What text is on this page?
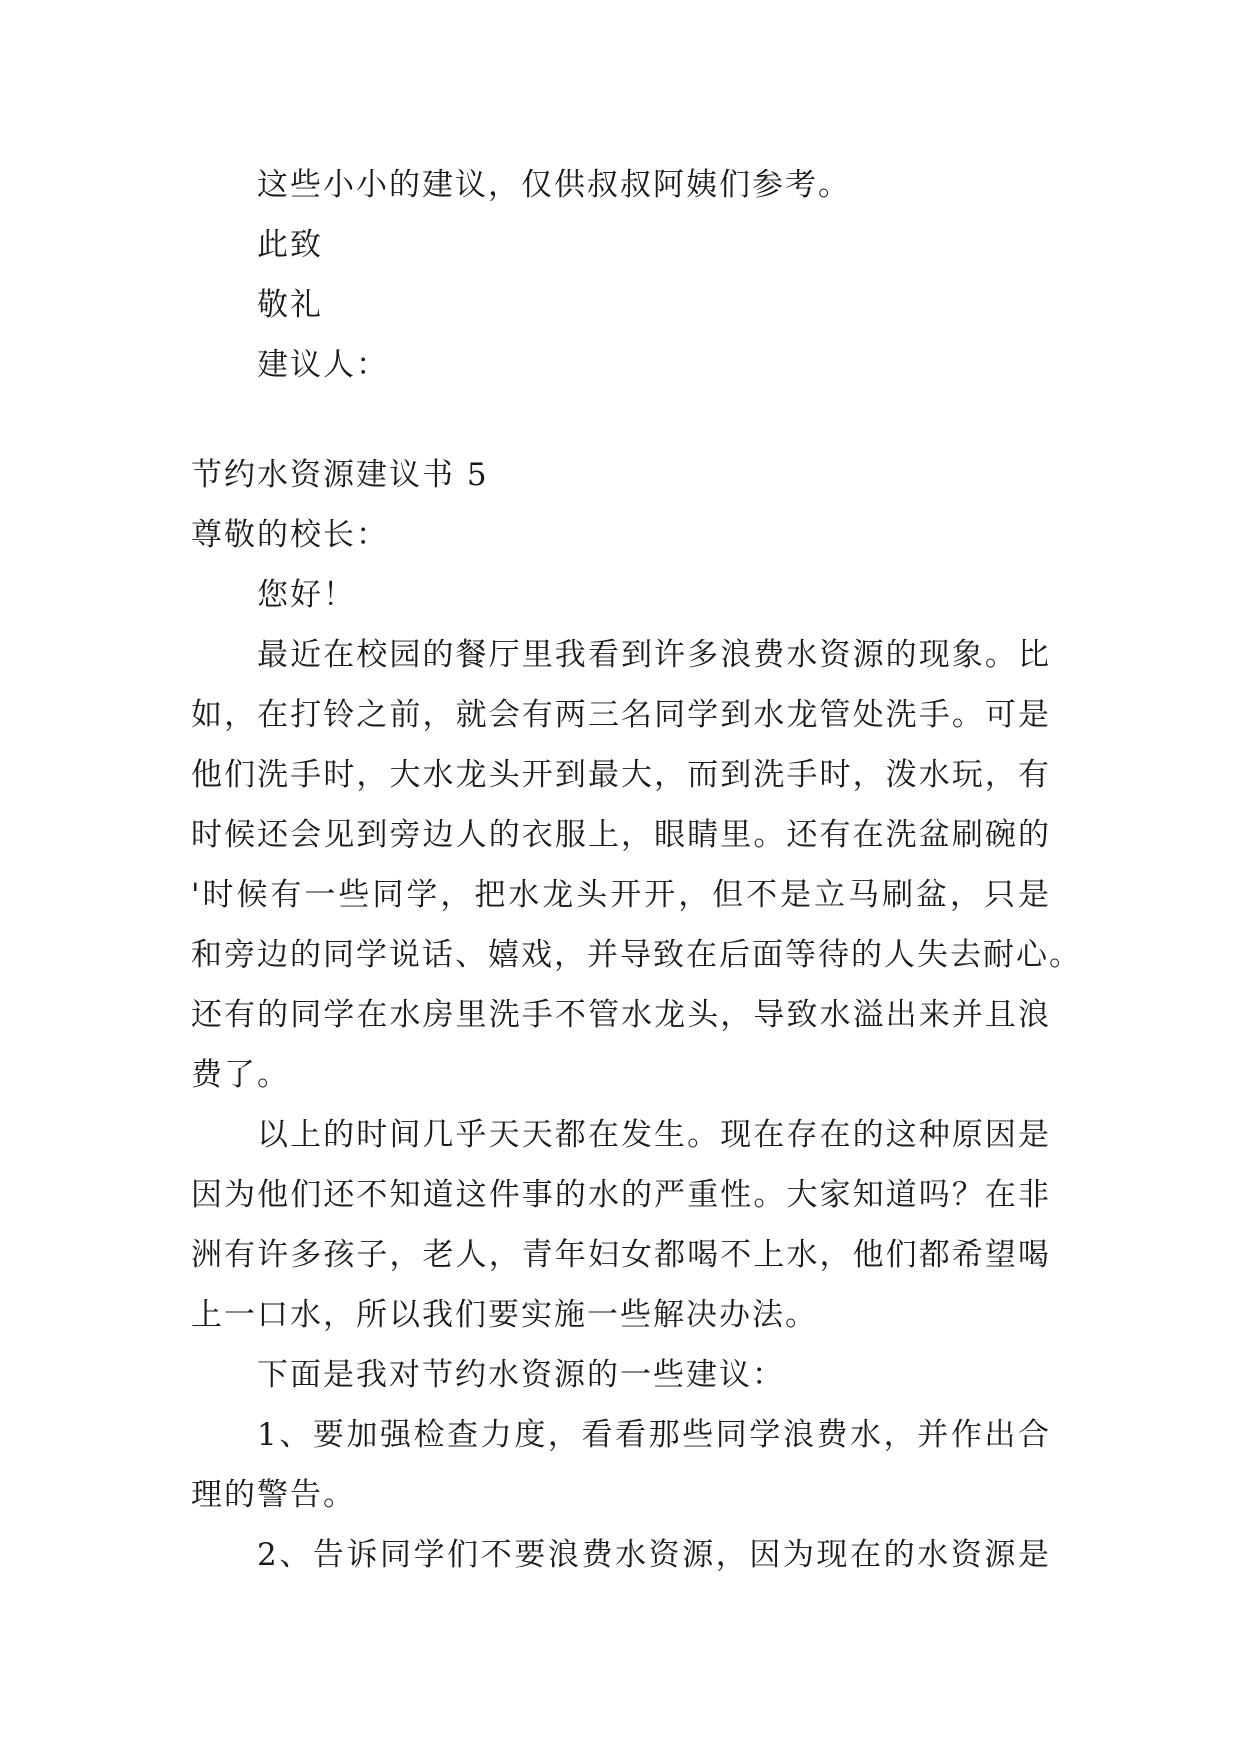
这些小小的建议，仅供叔叔阿姨们参考。

此致

敬礼

建议人：

节约水资源建议书 5

尊敬的校长：

您好！

最近在校园的餐厅里我看到许多浪费水资源的现象。比

如，在打铃之前，就会有两三名同学到水龙管处洗手。可是

他们洗手时，大水龙头开到最大，而到洗手时，泼水玩，有

时候还会见到旁边人的衣服上，眼睛里。还有在洗盆刷碗的

'时候有一些同学，把水龙头开开，但不是立马刷盆，只是

和旁边的同学说话、嬉戏，并导致在后面等待的人失去耐心。

还有的同学在水房里洗手不管水龙头，导致水溢出来并且浪

费了。

以上的时间几乎天天都在发生。现在存在的这种原因是

因为他们还不知道这件事的水的严重性。大家知道吗？在非

洲有许多孩子，老人，青年妇女都喝不上水，他们都希望喝

上一口水，所以我们要实施一些解决办法。

下面是我对节约水资源的一些建议：

1、要加强检查力度，看看那些同学浪费水，并作出合

理的警告。

2、告诉同学们不要浪费水资源，因为现在的水资源是
